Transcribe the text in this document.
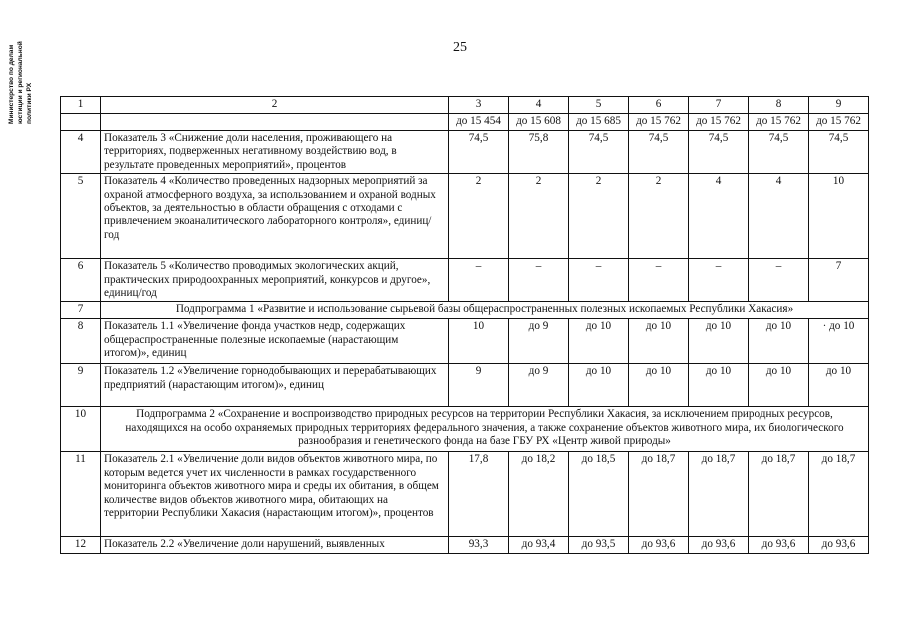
Министерство по делам юстиции и региональной политики РХ
25
1	2	3	4	5	6	7	8	9
		до 15 454	до 15 608	до 15 685	до 15 762	до 15 762	до 15 762	до 15 762
4	Показатель 3 «Снижение доли населения, проживающего на территориях, подверженных негативному воздействию вод, в результате проведенных мероприятий», процентов	74,5	75,8	74,5	74,5	74,5	74,5	74,5
5	Показатель 4 «Количество проведенных надзорных мероприятий за охраной атмосферного воздуха, за использованием и охраной водных объектов, за деятельностью в области обращения с отходами с привлечением экоаналитического лабораторного контроля», единиц/год	2	2	2	2	4	4	10
6	Показатель 5 «Количество проводимых экологических акций, практических природоохранных мероприятий, конкурсов и другое», единиц/год	–	–	–	–	–	–	7
7	Подпрограмма 1 «Развитие и использование сырьевой базы общераспространенных полезных ископаемых Республики Хакасия»							
8	Показатель 1.1 «Увеличение фонда участков недр, содержащих общераспространенные полезные ископаемые (нарастающим итогом)», единиц	10	до 9	до 10	до 10	до 10	до 10	· до 10
9	Показатель 1.2 «Увеличение горнодобывающих и перерабатывающих предприятий (нарастающим итогом)», единиц	9	до 9	до 10	до 10	до 10	до 10	до 10
10	Подпрограмма 2 «Сохранение и воспроизводство природных ресурсов на территории Республики Хакасия, за исключением природных ресурсов, находящихся на особо охраняемых природных территориях федерального значения, а также сохранение объектов животного мира, их биологического разнообразия и генетического фонда на базе ГБУ РХ «Центр живой природы»							
11	Показатель 2.1 «Увеличение доли видов объектов животного мира, по которым ведется учет их численности в рамках государственного мониторинга объектов животного мира и среды их обитания, в общем количестве видов объектов животного мира, обитающих на территории Республики Хакасия (нарастающим итогом)», процентов	17,8	до 18,2	до 18,5	до 18,7	до 18,7	до 18,7	до 18,7
12	Показатель 2.2 «Увеличение доли нарушений, выявленных	93,3	до 93,4	до 93,5	до 93,6	до 93,6	до 93,6	до 93,6
